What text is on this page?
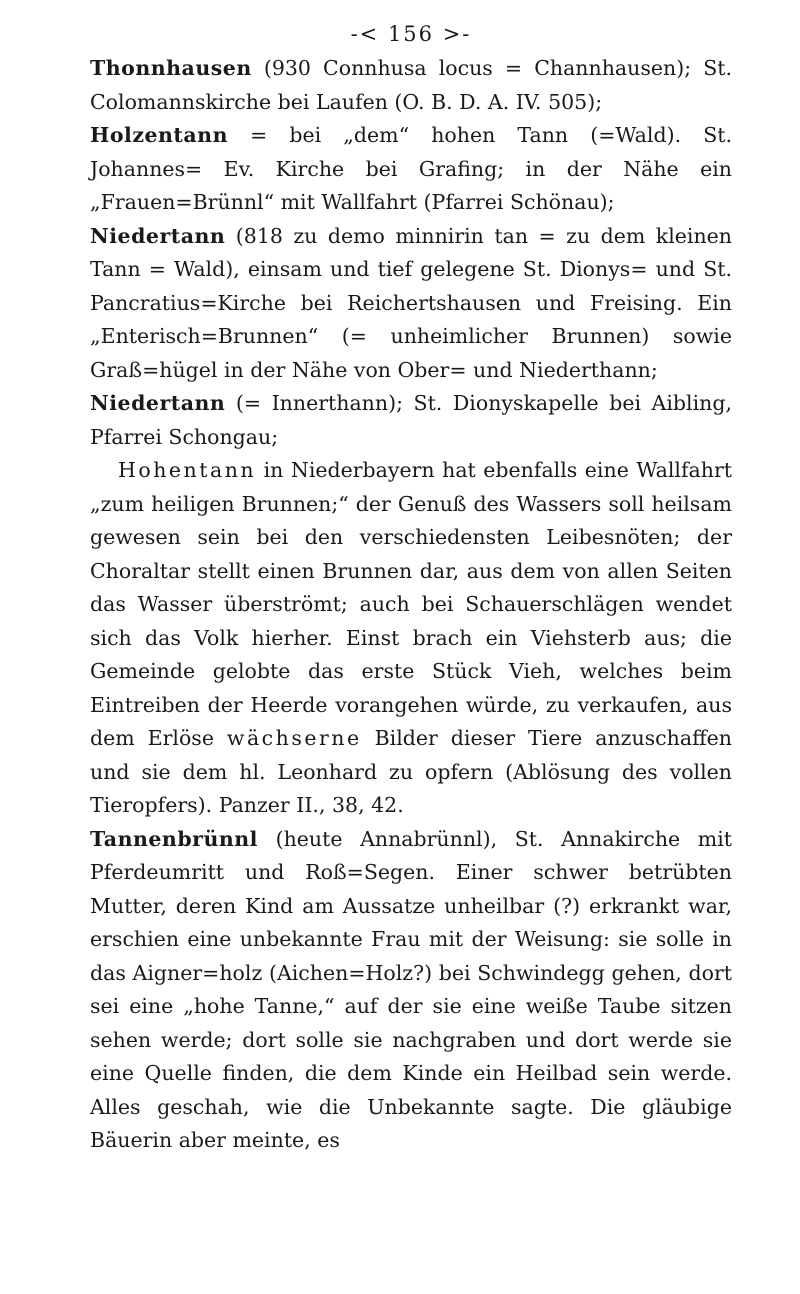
-< 156 >-

Thonnhausen (930 Connhusa locus = Channhausen); St. Colomannskirche bei Laufen (O. B. D. A. IV. 505);

Holzentann = bei „dem“ hohen Tann (=Wald). St. Johannes= Ev. Kirche bei Grafing; in der Nähe ein „Frauen=Brünnl“ mit Wallfahrt (Pfarrei Schönau);

Niedertann (818 zu demo minnirin tan = zu dem kleinen Tann = Wald), einsam und tief gelegene St. Dionys= und St. Pancratius=Kirche bei Reichertshausen und Freising. Ein „Enterisch=Brunnen“ (= unheimlicher Brunnen) sowie Graß=hügel in der Nähe von Ober= und Niederthann;

Niedertann (= Innerthann); St. Dionyskapelle bei Aibling, Pfarrei Schongau;

Hohentann in Niederbayern hat ebenfalls eine Wallfahrt „zum heiligen Brunnen;“ der Genuß des Wassers soll heilsam gewesen sein bei den verschiedensten Leibesnöten; der Choraltar stellt einen Brunnen dar, aus dem von allen Seiten das Wasser überströmt; auch bei Schauerschlägen wendet sich das Volk hierher. Einst brach ein Viehsterb aus; die Gemeinde gelobte das erste Stück Vieh, welches beim Eintreiben der Heerde vorangehen würde, zu verkaufen, aus dem Erlöse wächserne Bilder dieser Tiere anzuschaffen und sie dem hl. Leonhard zu opfern (Ablösung des vollen Tieropfers). Panzer II., 38, 42.

Tannenbrünnl (heute Annabrünnl), St. Annakirche mit Pferdeumritt und Roß=Segen. Einer schwer betrübten Mutter, deren Kind am Aussatze unheilbar (?) erkrankt war, erschien eine unbekannte Frau mit der Weisung: sie solle in das Aigner=holz (Aichen=Holz?) bei Schwindegg gehen, dort sei eine „hohe Tanne,“ auf der sie eine weiße Taube sitzen sehen werde; dort solle sie nachgraben und dort werde sie eine Quelle finden, die dem Kinde ein Heilbad sein werde. Alles geschah, wie die Unbekannte sagte. Die gläubige Bäuerin aber meinte, es
